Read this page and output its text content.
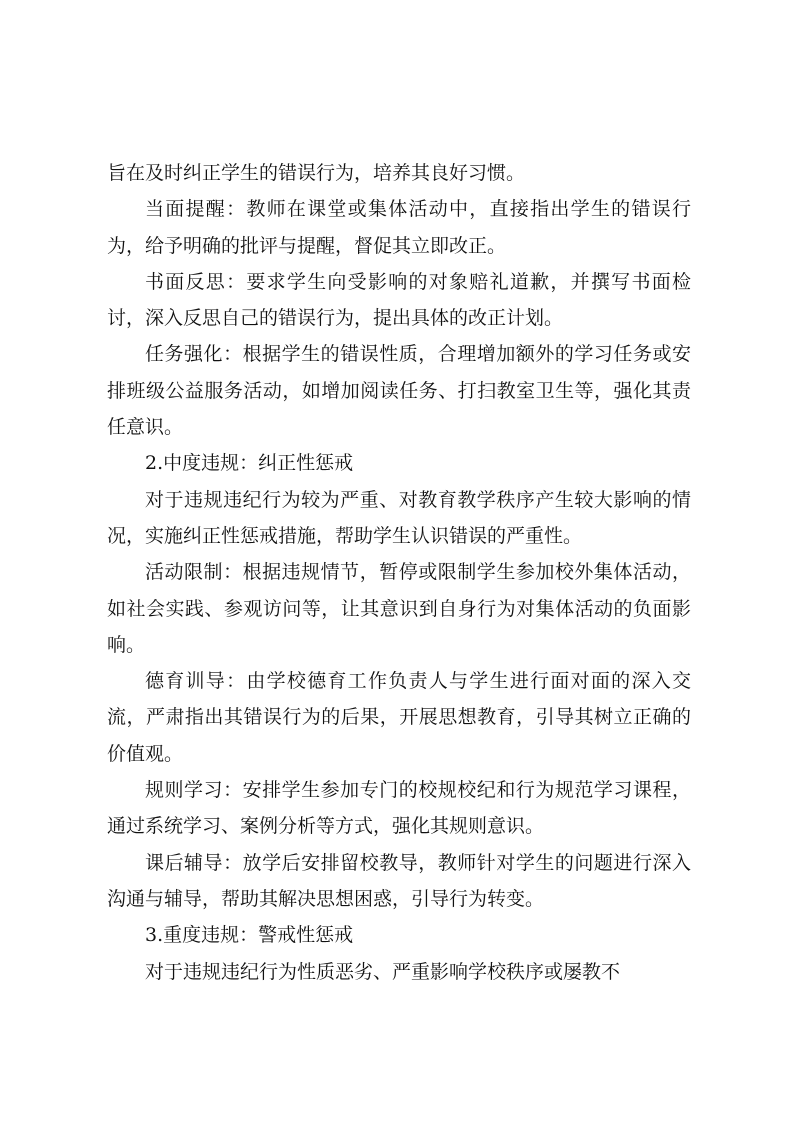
旨在及时纠正学生的错误行为，培养其良好习惯。

当面提醒：教师在课堂或集体活动中，直接指出学生的错误行为，给予明确的批评与提醒，督促其立即改正。

书面反思：要求学生向受影响的对象赔礼道歉，并撰写书面检讨，深入反思自己的错误行为，提出具体的改正计划。

任务强化：根据学生的错误性质，合理增加额外的学习任务或安排班级公益服务活动，如增加阅读任务、打扫教室卫生等，强化其责任意识。

2.中度违规：纠正性惩戒

对于违规违纪行为较为严重、对教育教学秩序产生较大影响的情况，实施纠正性惩戒措施，帮助学生认识错误的严重性。

活动限制：根据违规情节，暂停或限制学生参加校外集体活动，如社会实践、参观访问等，让其意识到自身行为对集体活动的负面影响。

德育训导：由学校德育工作负责人与学生进行面对面的深入交流，严肃指出其错误行为的后果，开展思想教育，引导其树立正确的价值观。

规则学习：安排学生参加专门的校规校纪和行为规范学习课程，通过系统学习、案例分析等方式，强化其规则意识。

课后辅导：放学后安排留校教导，教师针对学生的问题进行深入沟通与辅导，帮助其解决思想困惑，引导行为转变。

3.重度违规：警戒性惩戒

对于违规违纪行为性质恶劣、严重影响学校秩序或屡教不
